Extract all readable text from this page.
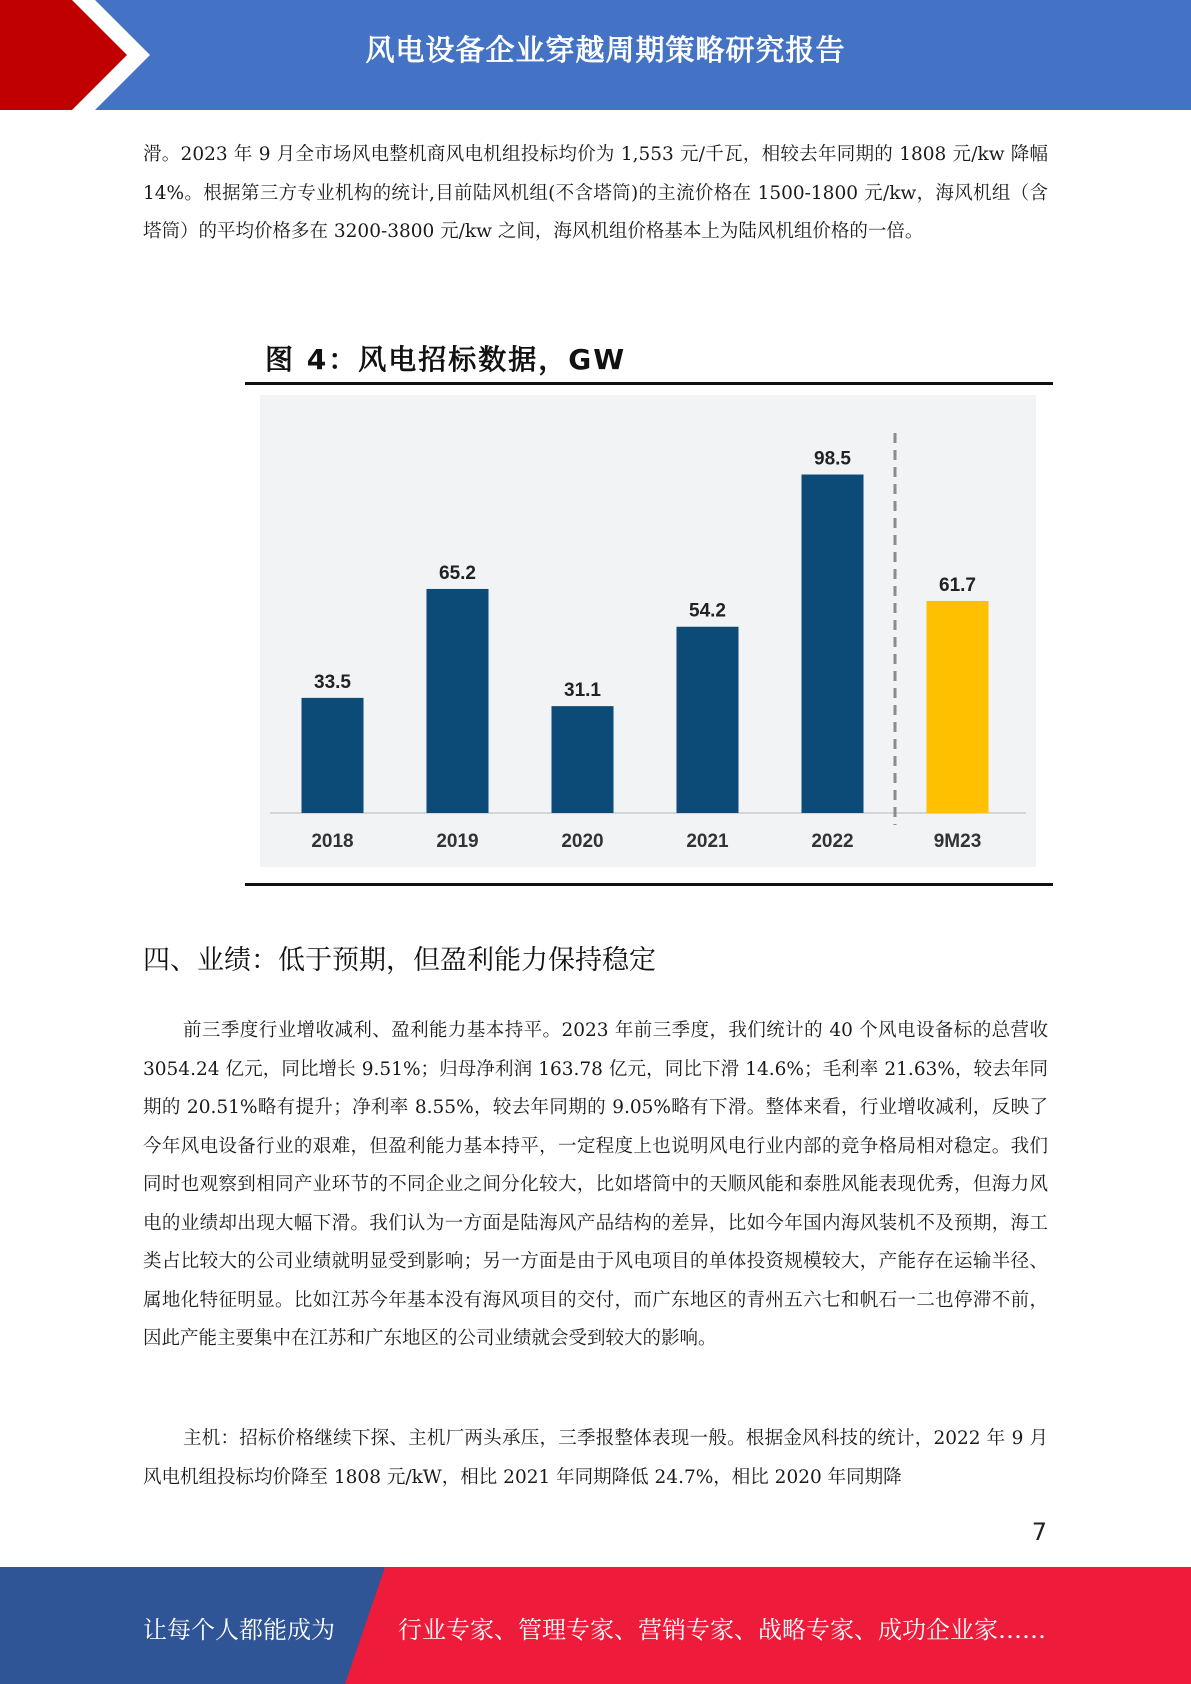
风电设备企业穿越周期策略研究报告

滑。2023 年 9 月全市场风电整机商风电机组投标均价为 1,553 元/千瓦，相较去年同期的 1808 元/kw 降幅 14%。根据第三方专业机构的统计,目前陆风机组(不含塔筒)的主流价格在 1500-1800 元/kw，海风机组（含塔筒）的平均价格多在 3200-3800 元/kw 之间，海风机组价格基本上为陆风机组价格的一倍。

图 4：风电招标数据，GW
33.5
2018
65.2
2019
31.1
2020
54.2
2021
98.5
2022
61.7
9M23
四、业绩：低于预期，但盈利能力保持稳定

前三季度行业增收减利、盈利能力基本持平。2023 年前三季度，我们统计的 40 个风电设备标的总营收 3054.24 亿元，同比增长 9.51%；归母净利润 163.78 亿元，同比下滑 14.6%；毛利率 21.63%，较去年同期的 20.51%略有提升；净利率 8.55%，较去年同期的 9.05%略有下滑。整体来看，行业增收减利，反映了今年风电设备行业的艰难，但盈利能力基本持平，一定程度上也说明风电行业内部的竞争格局相对稳定。我们同时也观察到相同产业环节的不同企业之间分化较大，比如塔筒中的天顺风能和泰胜风能表现优秀，但海力风电的业绩却出现大幅下滑。我们认为一方面是陆海风产品结构的差异，比如今年国内海风装机不及预期，海工类占比较大的公司业绩就明显受到影响；另一方面是由于风电项目的单体投资规模较大，产能存在运输半径、属地化特征明显。比如江苏今年基本没有海风项目的交付，而广东地区的青州五六七和帆石一二也停滞不前，因此产能主要集中在江苏和广东地区的公司业绩就会受到较大的影响。

主机：招标价格继续下探、主机厂两头承压，三季报整体表现一般。根据金风科技的统计，2022 年 9 月风电机组投标均价降至 1808 元/kW，相比 2021 年同期降低 24.7%，相比 2020 年同期降

7
让每个人都能成为	行业专家、管理专家、营销专家、战略专家、成功企业家……
